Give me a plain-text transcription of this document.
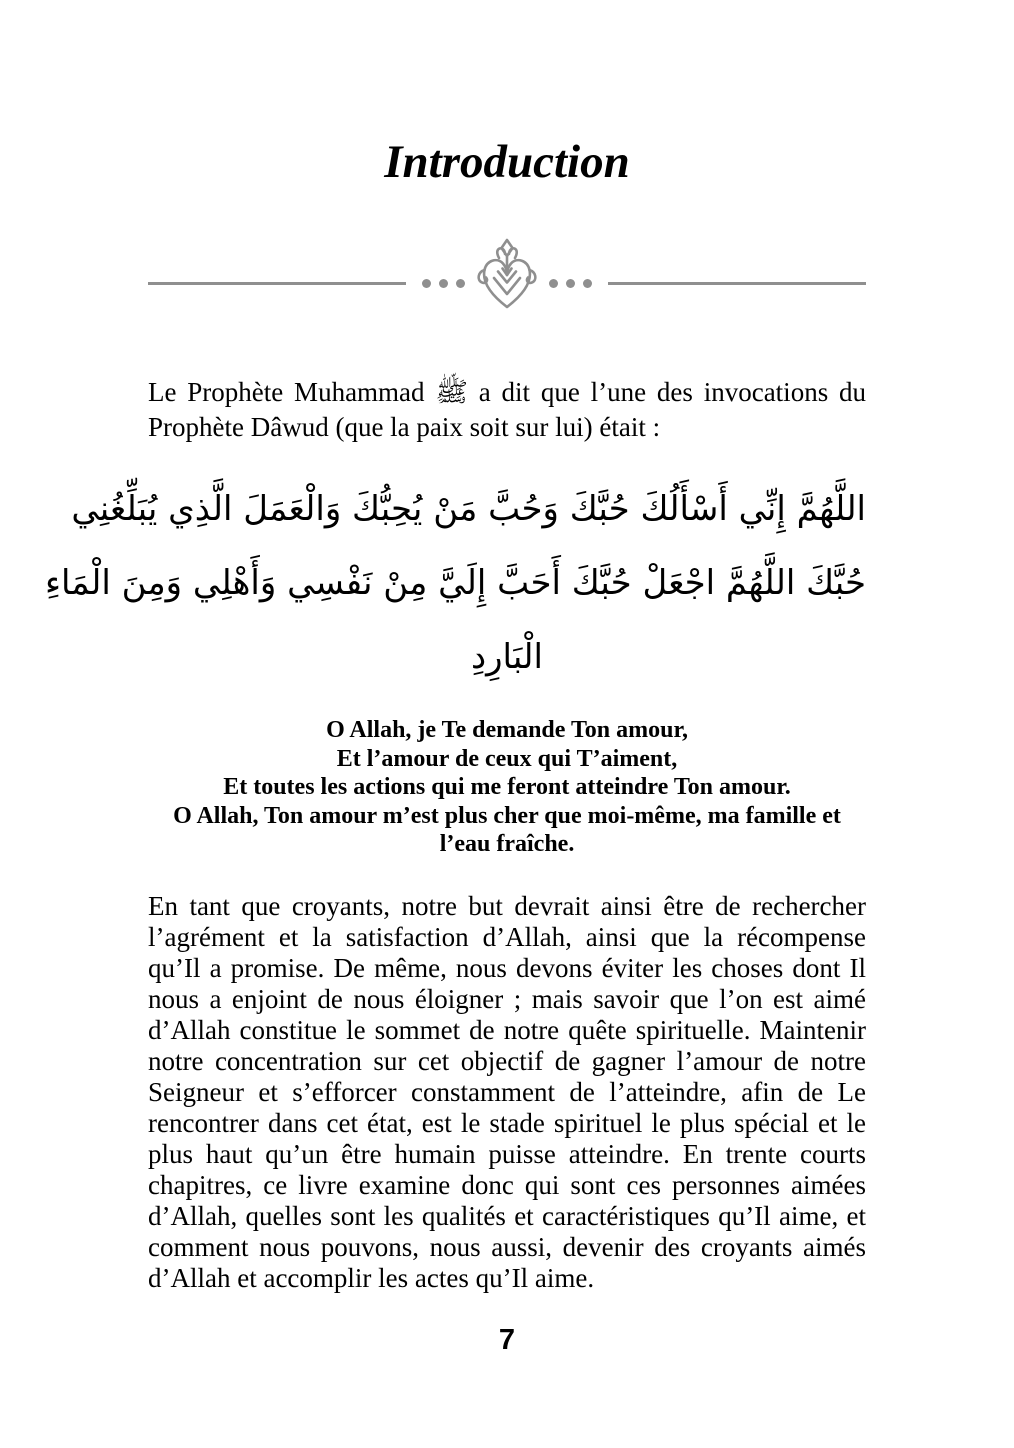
Introduction

Le Prophète Muhammad ﷺ a dit que l’une des invocations du Prophète Dâwud (que la paix soit sur lui) était :

اللَّهُمَّ إِنِّي أَسْأَلُكَ حُبَّكَ وَحُبَّ مَنْ يُحِبُّكَ وَالْعَمَلَ الَّذِي يُبَلِّغُنِي
حُبَّكَ اللَّهُمَّ اجْعَلْ حُبَّكَ أَحَبَّ إِلَيَّ مِنْ نَفْسِي وَأَهْلِي وَمِنَ الْمَاءِ
الْبَارِدِ
O Allah, je Te demande Ton amour,
Et l’amour de ceux qui T’aiment,
Et toutes les actions qui me feront atteindre Ton amour.
O Allah, Ton amour m’est plus cher que moi-même, ma famille et l’eau fraîche.

En tant que croyants, notre but devrait ainsi être de rechercher l’agrément et la satisfaction d’Allah, ainsi que la récompense qu’Il a promise. De même, nous devons éviter les choses dont Il nous a enjoint de nous éloigner ; mais savoir que l’on est aimé d’Allah constitue le sommet de notre quête spirituelle. Maintenir notre concentration sur cet objectif de gagner l’amour de notre Seigneur et s’efforcer constamment de l’atteindre, afin de Le rencontrer dans cet état, est le stade spirituel le plus spécial et le plus haut qu’un être humain puisse atteindre. En trente courts chapitres, ce livre examine donc qui sont ces personnes aimées d’Allah, quelles sont les qualités et caractéristiques qu’Il aime, et comment nous pouvons, nous aussi, devenir des croyants aimés d’Allah et accomplir les actes qu’Il aime.

7
